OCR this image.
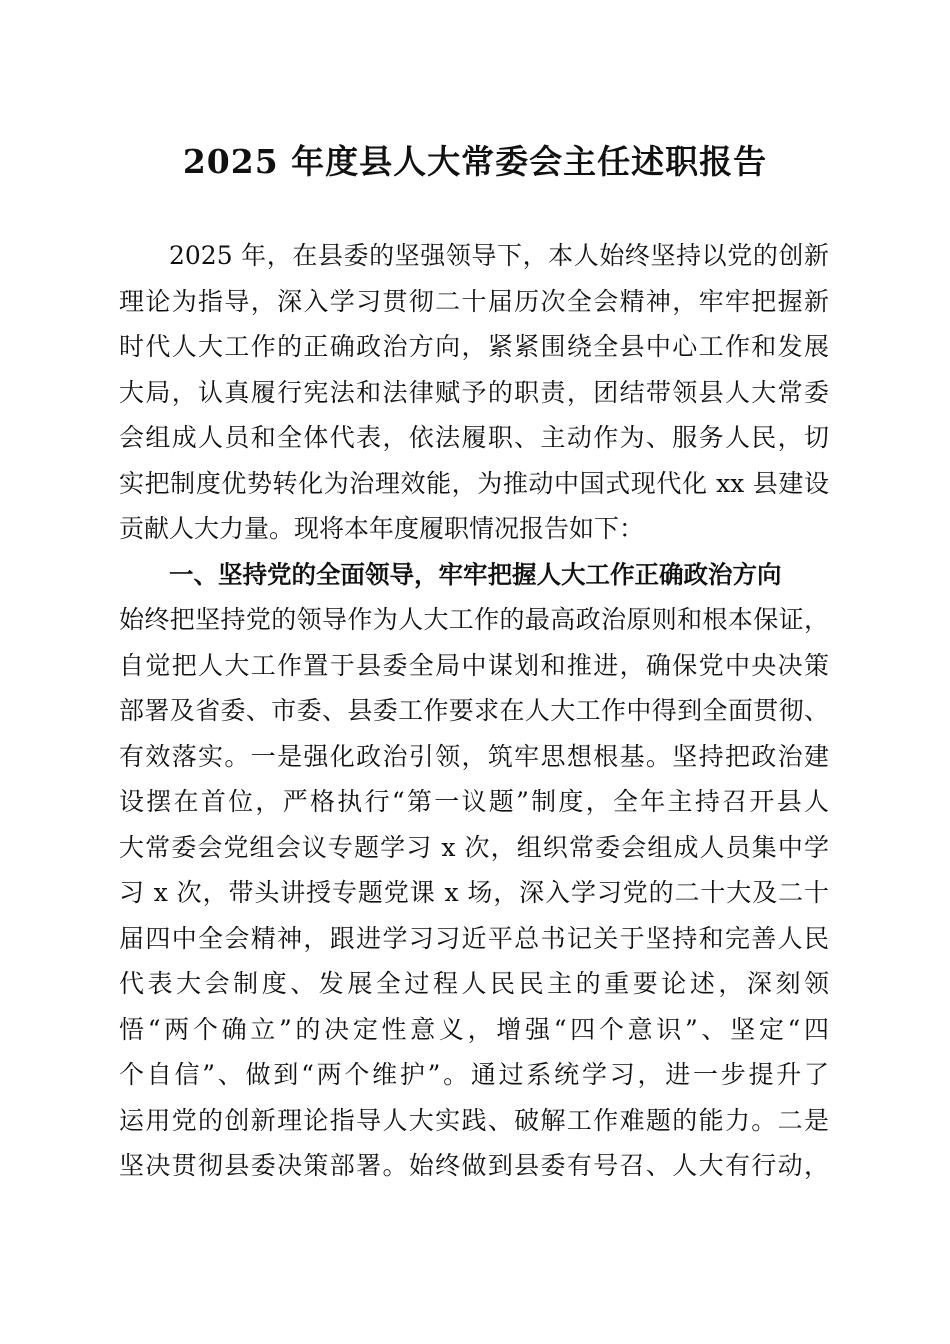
2025 年度县人大常委会主任述职报告
2025 年，在县委的坚强领导下，本人始终坚持以党的创新
理论为指导，深入学习贯彻二十届历次全会精神，牢牢把握新
时代人大工作的正确政治方向，紧紧围绕全县中心工作和发展
大局，认真履行宪法和法律赋予的职责，团结带领县人大常委
会组成人员和全体代表，依法履职、主动作为、服务人民，切
实把制度优势转化为治理效能，为推动中国式现代化 xx 县建设
贡献人大力量。现将本年度履职情况报告如下：
一、坚持党的全面领导，牢牢把握人大工作正确政治方向
始终把坚持党的领导作为人大工作的最高政治原则和根本保证，
自觉把人大工作置于县委全局中谋划和推进，确保党中央决策
部署及省委、市委、县委工作要求在人大工作中得到全面贯彻、
有效落实。一是强化政治引领，筑牢思想根基。坚持把政治建
设摆在首位，严格执行“第一议题”制度，全年主持召开县人
大常委会党组会议专题学习 x 次，组织常委会组成人员集中学
习 x 次，带头讲授专题党课 x 场，深入学习党的二十大及二十
届四中全会精神，跟进学习习近平总书记关于坚持和完善人民
代表大会制度、发展全过程人民民主的重要论述，深刻领
悟“两个确立”的决定性意义，增强“四个意识”、坚定“四
个自信”、做到“两个维护”。通过系统学习，进一步提升了
运用党的创新理论指导人大实践、破解工作难题的能力。二是
坚决贯彻县委决策部署。始终做到县委有号召、人大有行动，
